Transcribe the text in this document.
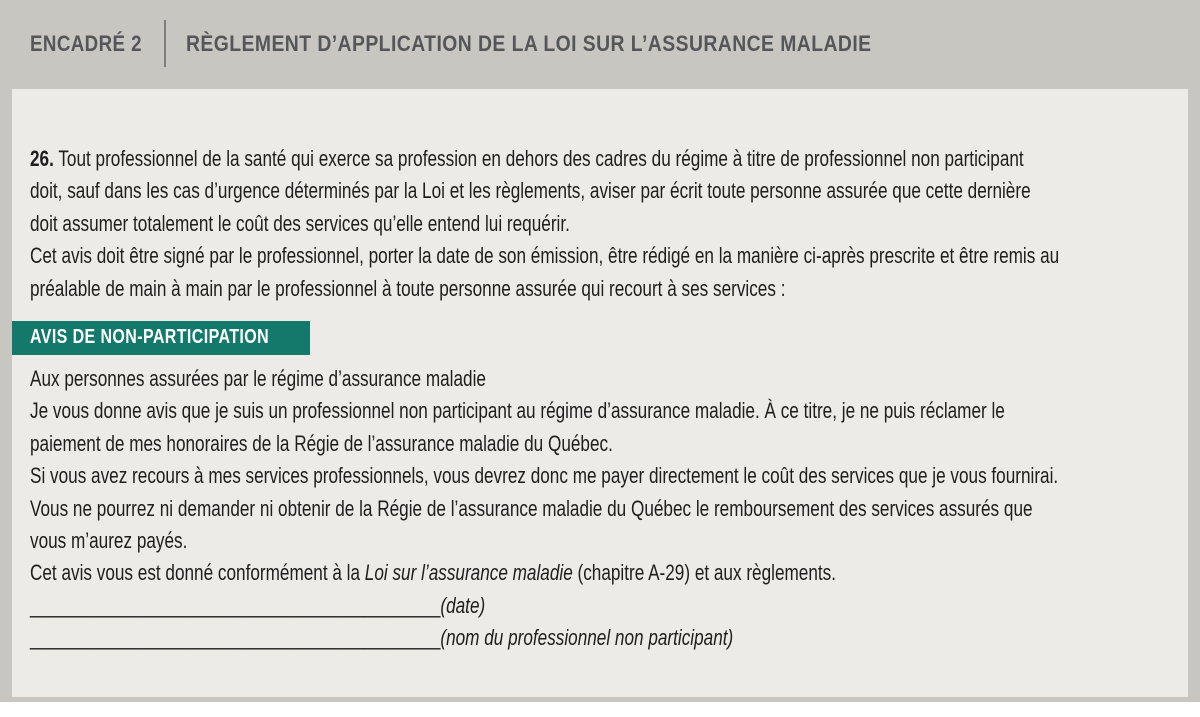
ENCADRÉ 2 RÈGLEMENT D’APPLICATION DE LA LOI SUR L’ASSURANCE MALADIE
26. Tout professionnel de la santé qui exerce sa profession en dehors des cadres du régime à titre de professionnel non participant
doit, sauf dans les cas d’urgence déterminés par la Loi et les règlements, aviser par écrit toute personne assurée que cette dernière
doit assumer totalement le coût des services qu’elle entend lui requérir.
Cet avis doit être signé par le professionnel, porter la date de son émission, être rédigé en la manière ci-après prescrite et être remis au
préalable de main à main par le professionnel à toute personne assurée qui recourt à ses services :
AVIS DE NON-PARTICIPATION
Aux personnes assurées par le régime d’assurance maladie
Je vous donne avis que je suis un professionnel non participant au régime d’assurance maladie. À ce titre, je ne puis réclamer le
paiement de mes honoraires de la Régie de l’assurance maladie du Québec.
Si vous avez recours à mes services professionnels, vous devrez donc me payer directement le coût des services que je vous fournirai.
Vous ne pourrez ni demander ni obtenir de la Régie de l’assurance maladie du Québec le remboursement des services assurés que
vous m’aurez payés.
Cet avis vous est donné conformément à la Loi sur l’assurance maladie (chapitre A-29) et aux règlements.
___________________________________________(date)
___________________________________________(nom du professionnel non participant)
